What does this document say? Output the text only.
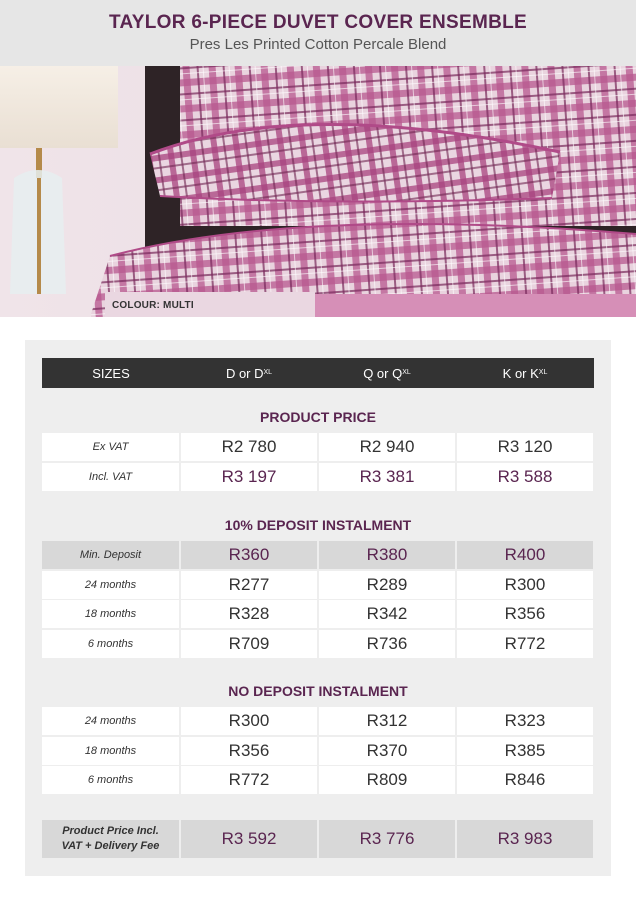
TAYLOR 6-PIECE DUVET COVER ENSEMBLE
Pres Les Printed Cotton Percale Blend
COLOUR: MULTI
SIZES	D or $D^{XL}$	Q or $Q^{XL}$	K or $K^{XL}$
PRODUCT PRICE
Ex VAT	R2 780	R2 940	R3 120
Incl. VAT	R3 197	R3 381	R3 588
10% DEPOSIT INSTALMENT
Min. Deposit	R360	R380	R400
24 months	R277	R289	R300
18 months	R328	R342	R356
6 months	R709	R736	R772
NO DEPOSIT INSTALMENT
24 months	R300	R312	R323
18 months	R356	R370	R385
6 months	R772	R809	R846
Product Price Incl.
VAT + Delivery Fee	R3 592	R3 776	R3 983
